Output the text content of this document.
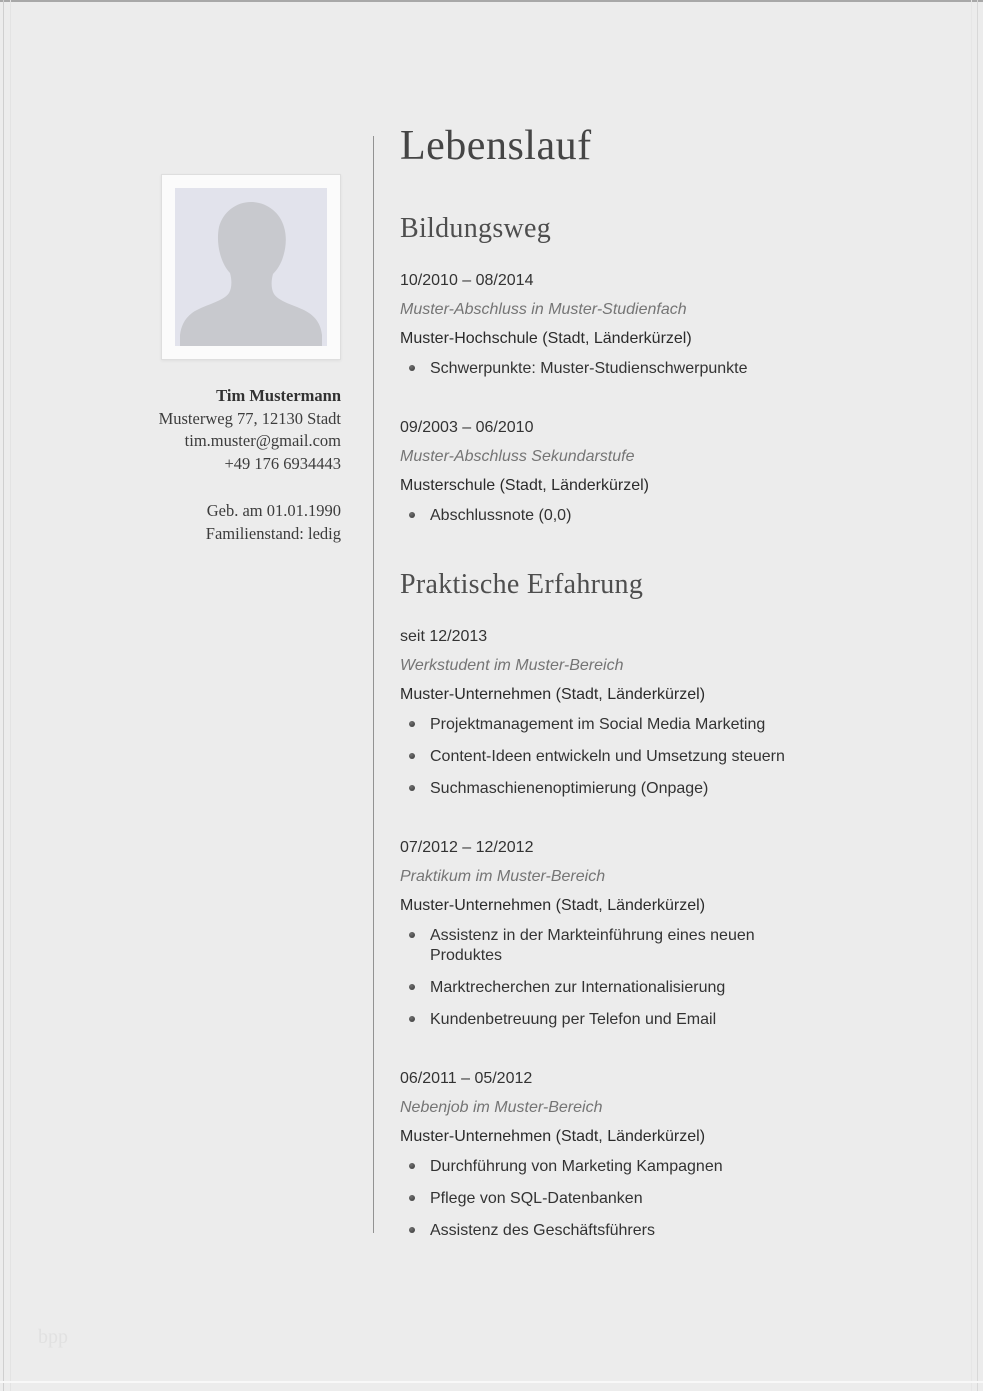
Tim Mustermann

Musterweg 77, 12130 Stadt

tim.muster@gmail.com

+49 176 6934443

Geb. am 01.01.1990

Familienstand: ledig

Lebenslauf
Bildungsweg

10/2010 – 08/2014

Muster-Abschluss in Muster-Studienfach

Muster-Hochschule (Stadt, Länderkürzel)

Schwerpunkte: Muster-Studienschwerpunkte

09/2003 – 06/2010

Muster-Abschluss Sekundarstufe

Musterschule (Stadt, Länderkürzel)

Abschlussnote (0,0)
Praktische Erfahrung

seit 12/2013

Werkstudent im Muster-Bereich

Muster-Unternehmen (Stadt, Länderkürzel)

Projektmanagement im Social Media Marketing
Content-Ideen entwickeln und Umsetzung steuern
Suchmaschienenoptimierung (Onpage)

07/2012 – 12/2012

Praktikum im Muster-Bereich

Muster-Unternehmen (Stadt, Länderkürzel)

Assistenz in der Markteinführung eines neuen Produktes
Marktrecherchen zur Internationalisierung
Kundenbetreuung per Telefon und Email

06/2011 – 05/2012

Nebenjob im Muster-Bereich

Muster-Unternehmen (Stadt, Länderkürzel)

Durchführung von Marketing Kampagnen
Pflege von SQL-Datenbanken
Assistenz des Geschäftsführers
bpp
